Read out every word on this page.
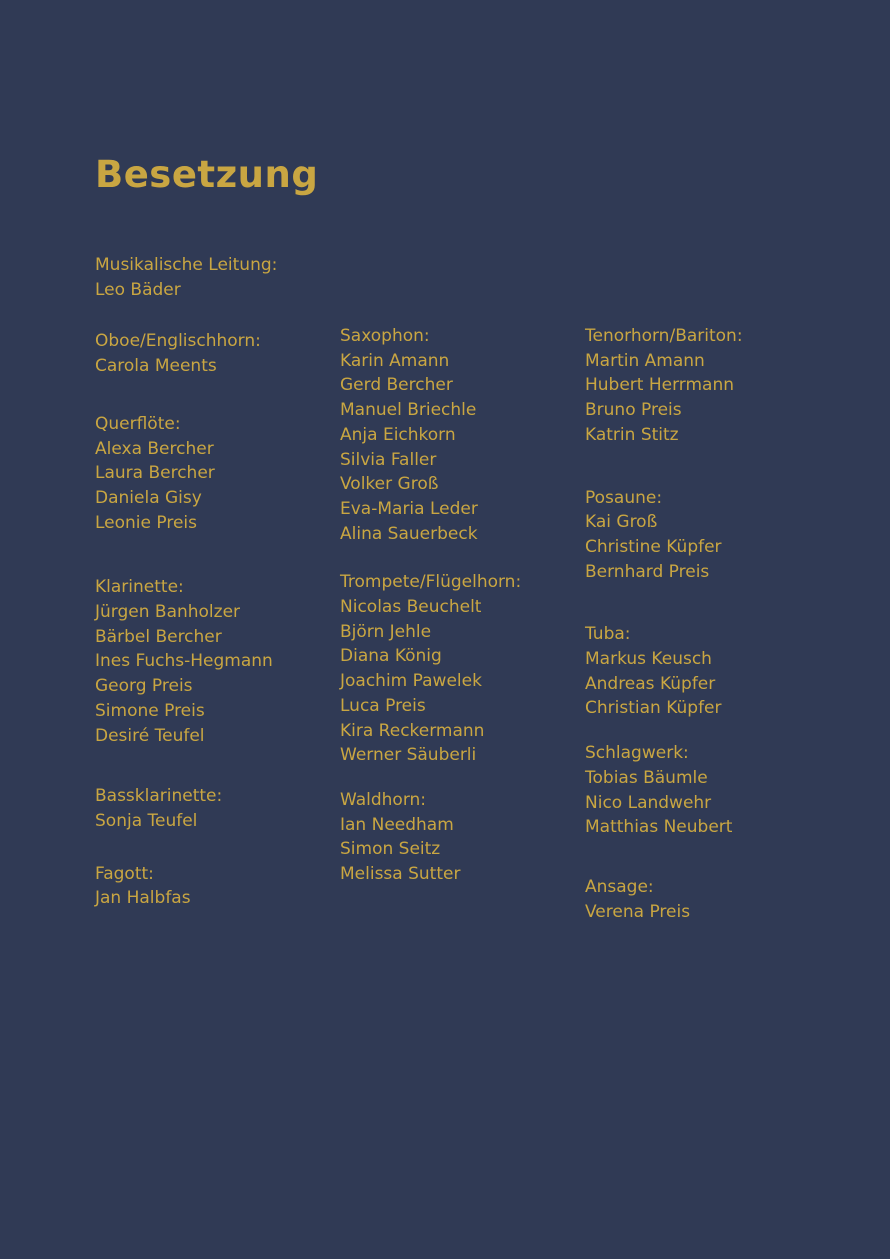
Besetzung
Musikalische Leitung:
Leo Bäder
Oboe/Englischhorn:
Carola Meents
Querflöte:
Alexa Bercher
Laura Bercher
Daniela Gisy
Leonie Preis
Klarinette:
Jürgen Banholzer
Bärbel Bercher
Ines Fuchs-Hegmann
Georg Preis
Simone Preis
Desiré Teufel
Bassklarinette:
Sonja Teufel
Fagott:
Jan Halbfas
Saxophon:
Karin Amann
Gerd Bercher
Manuel Briechle
Anja Eichkorn
Silvia Faller
Volker Groß
Eva-Maria Leder
Alina Sauerbeck
Trompete/Flügelhorn:
Nicolas Beuchelt
Björn Jehle
Diana König
Joachim Pawelek
Luca Preis
Kira Reckermann
Werner Säuberli
Waldhorn:
Ian Needham
Simon Seitz
Melissa Sutter
Tenorhorn/Bariton:
Martin Amann
Hubert Herrmann
Bruno Preis
Katrin Stitz
Posaune:
Kai Groß
Christine Küpfer
Bernhard Preis
Tuba:
Markus Keusch
Andreas Küpfer
Christian Küpfer
Schlagwerk:
Tobias Bäumle
Nico Landwehr
Matthias Neubert
Ansage:
Verena Preis
